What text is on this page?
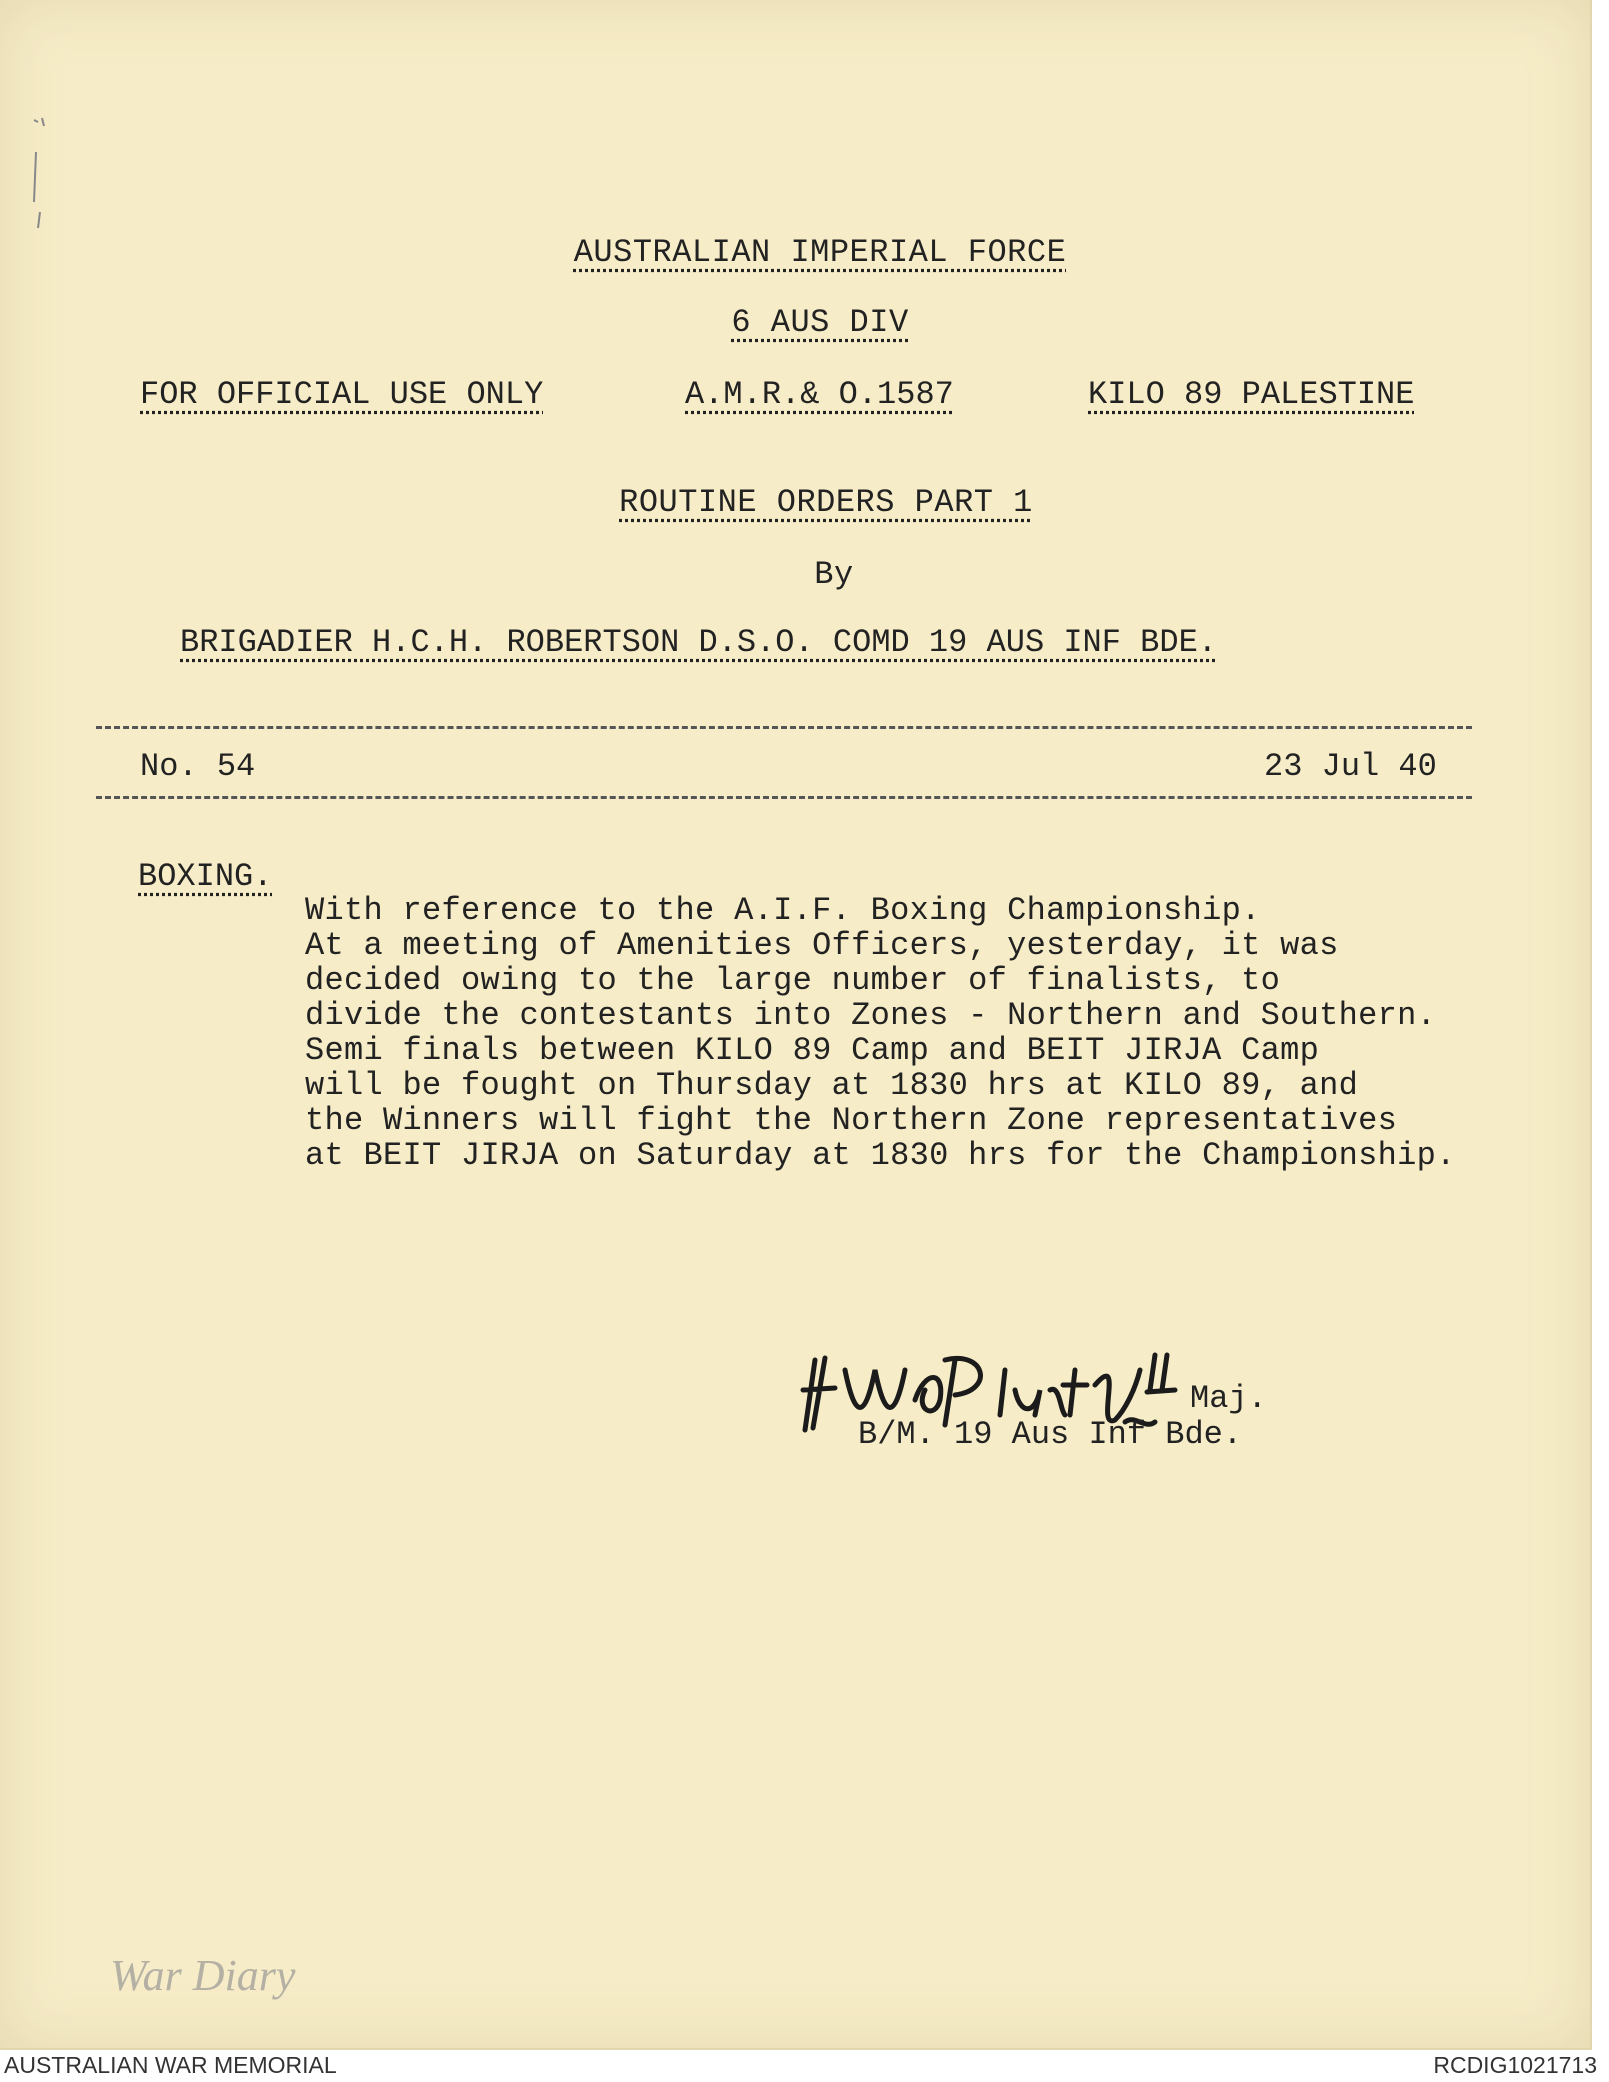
AUSTRALIAN IMPERIAL FORCE
6 AUS DIV
FOR OFFICIAL USE ONLY	A.M.R.& O.1587	KILO 89 PALESTINE
ROUTINE ORDERS PART 1
By
BRIGADIER H.C.H. ROBERTSON D.S.O. COMD 19 AUS INF BDE.
No. 54	23 Jul 40
BOXING.
With reference to the A.I.F. Boxing Championship.
At a meeting of Amenities Officers, yesterday, it was
decided owing to the large number of finalists, to
divide the contestants into Zones - Northern and Southern.
Semi finals between KILO 89 Camp and BEIT JIRJA Camp
will be fought on Thursday at 1830 hrs at KILO 89, and
the Winners will fight the Northern Zone representatives
at BEIT JIRJA on Saturday at 1830 hrs for the Championship.
Maj.
B/M. 19 Aus Inf Bde.
War Diary
AUSTRALIAN WAR MEMORIAL	RCDIG1021713
